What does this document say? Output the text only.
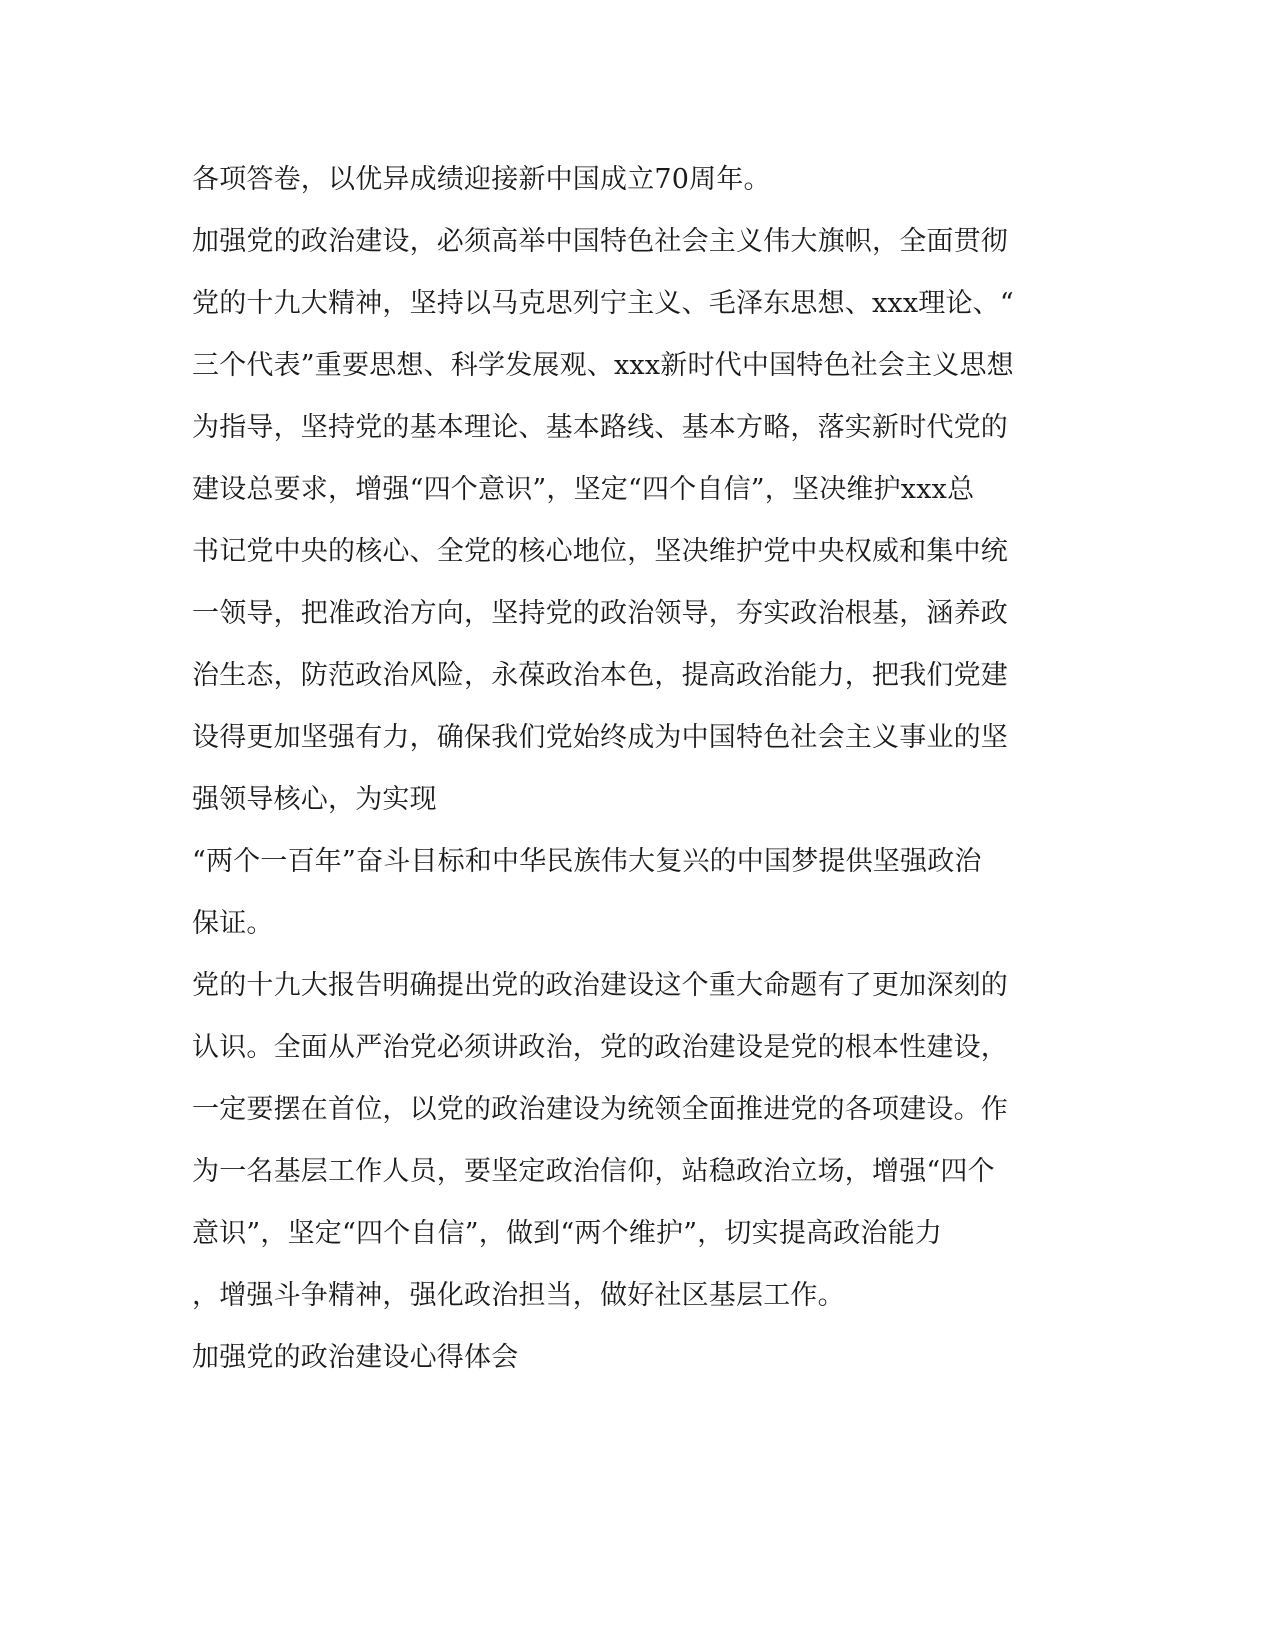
各项答卷，以优异成绩迎接新中国成立70周年。
加强党的政治建设，必须高举中国特色社会主义伟大旗帜，全面贯彻
党的十九大精神，坚持以马克思列宁主义、毛泽东思想、xxx理论、“
三个代表”重要思想、科学发展观、xxx新时代中国特色社会主义思想
为指导，坚持党的基本理论、基本路线、基本方略，落实新时代党的
建设总要求，增强“四个意识”，坚定“四个自信”，坚决维护xxx总
书记党中央的核心、全党的核心地位，坚决维护党中央权威和集中统
一领导，把准政治方向，坚持党的政治领导，夯实政治根基，涵养政
治生态，防范政治风险，永葆政治本色，提高政治能力，把我们党建
设得更加坚强有力，确保我们党始终成为中国特色社会主义事业的坚
强领导核心，为实现
“两个一百年”奋斗目标和中华民族伟大复兴的中国梦提供坚强政治
保证。
党的十九大报告明确提出党的政治建设这个重大命题有了更加深刻的
认识。全面从严治党必须讲政治，党的政治建设是党的根本性建设，
一定要摆在首位，以党的政治建设为统领全面推进党的各项建设。作
为一名基层工作人员，要坚定政治信仰，站稳政治立场，增强“四个
意识”，坚定“四个自信”，做到“两个维护”，切实提高政治能力
，增强斗争精神，强化政治担当，做好社区基层工作。
加强党的政治建设心得体会
